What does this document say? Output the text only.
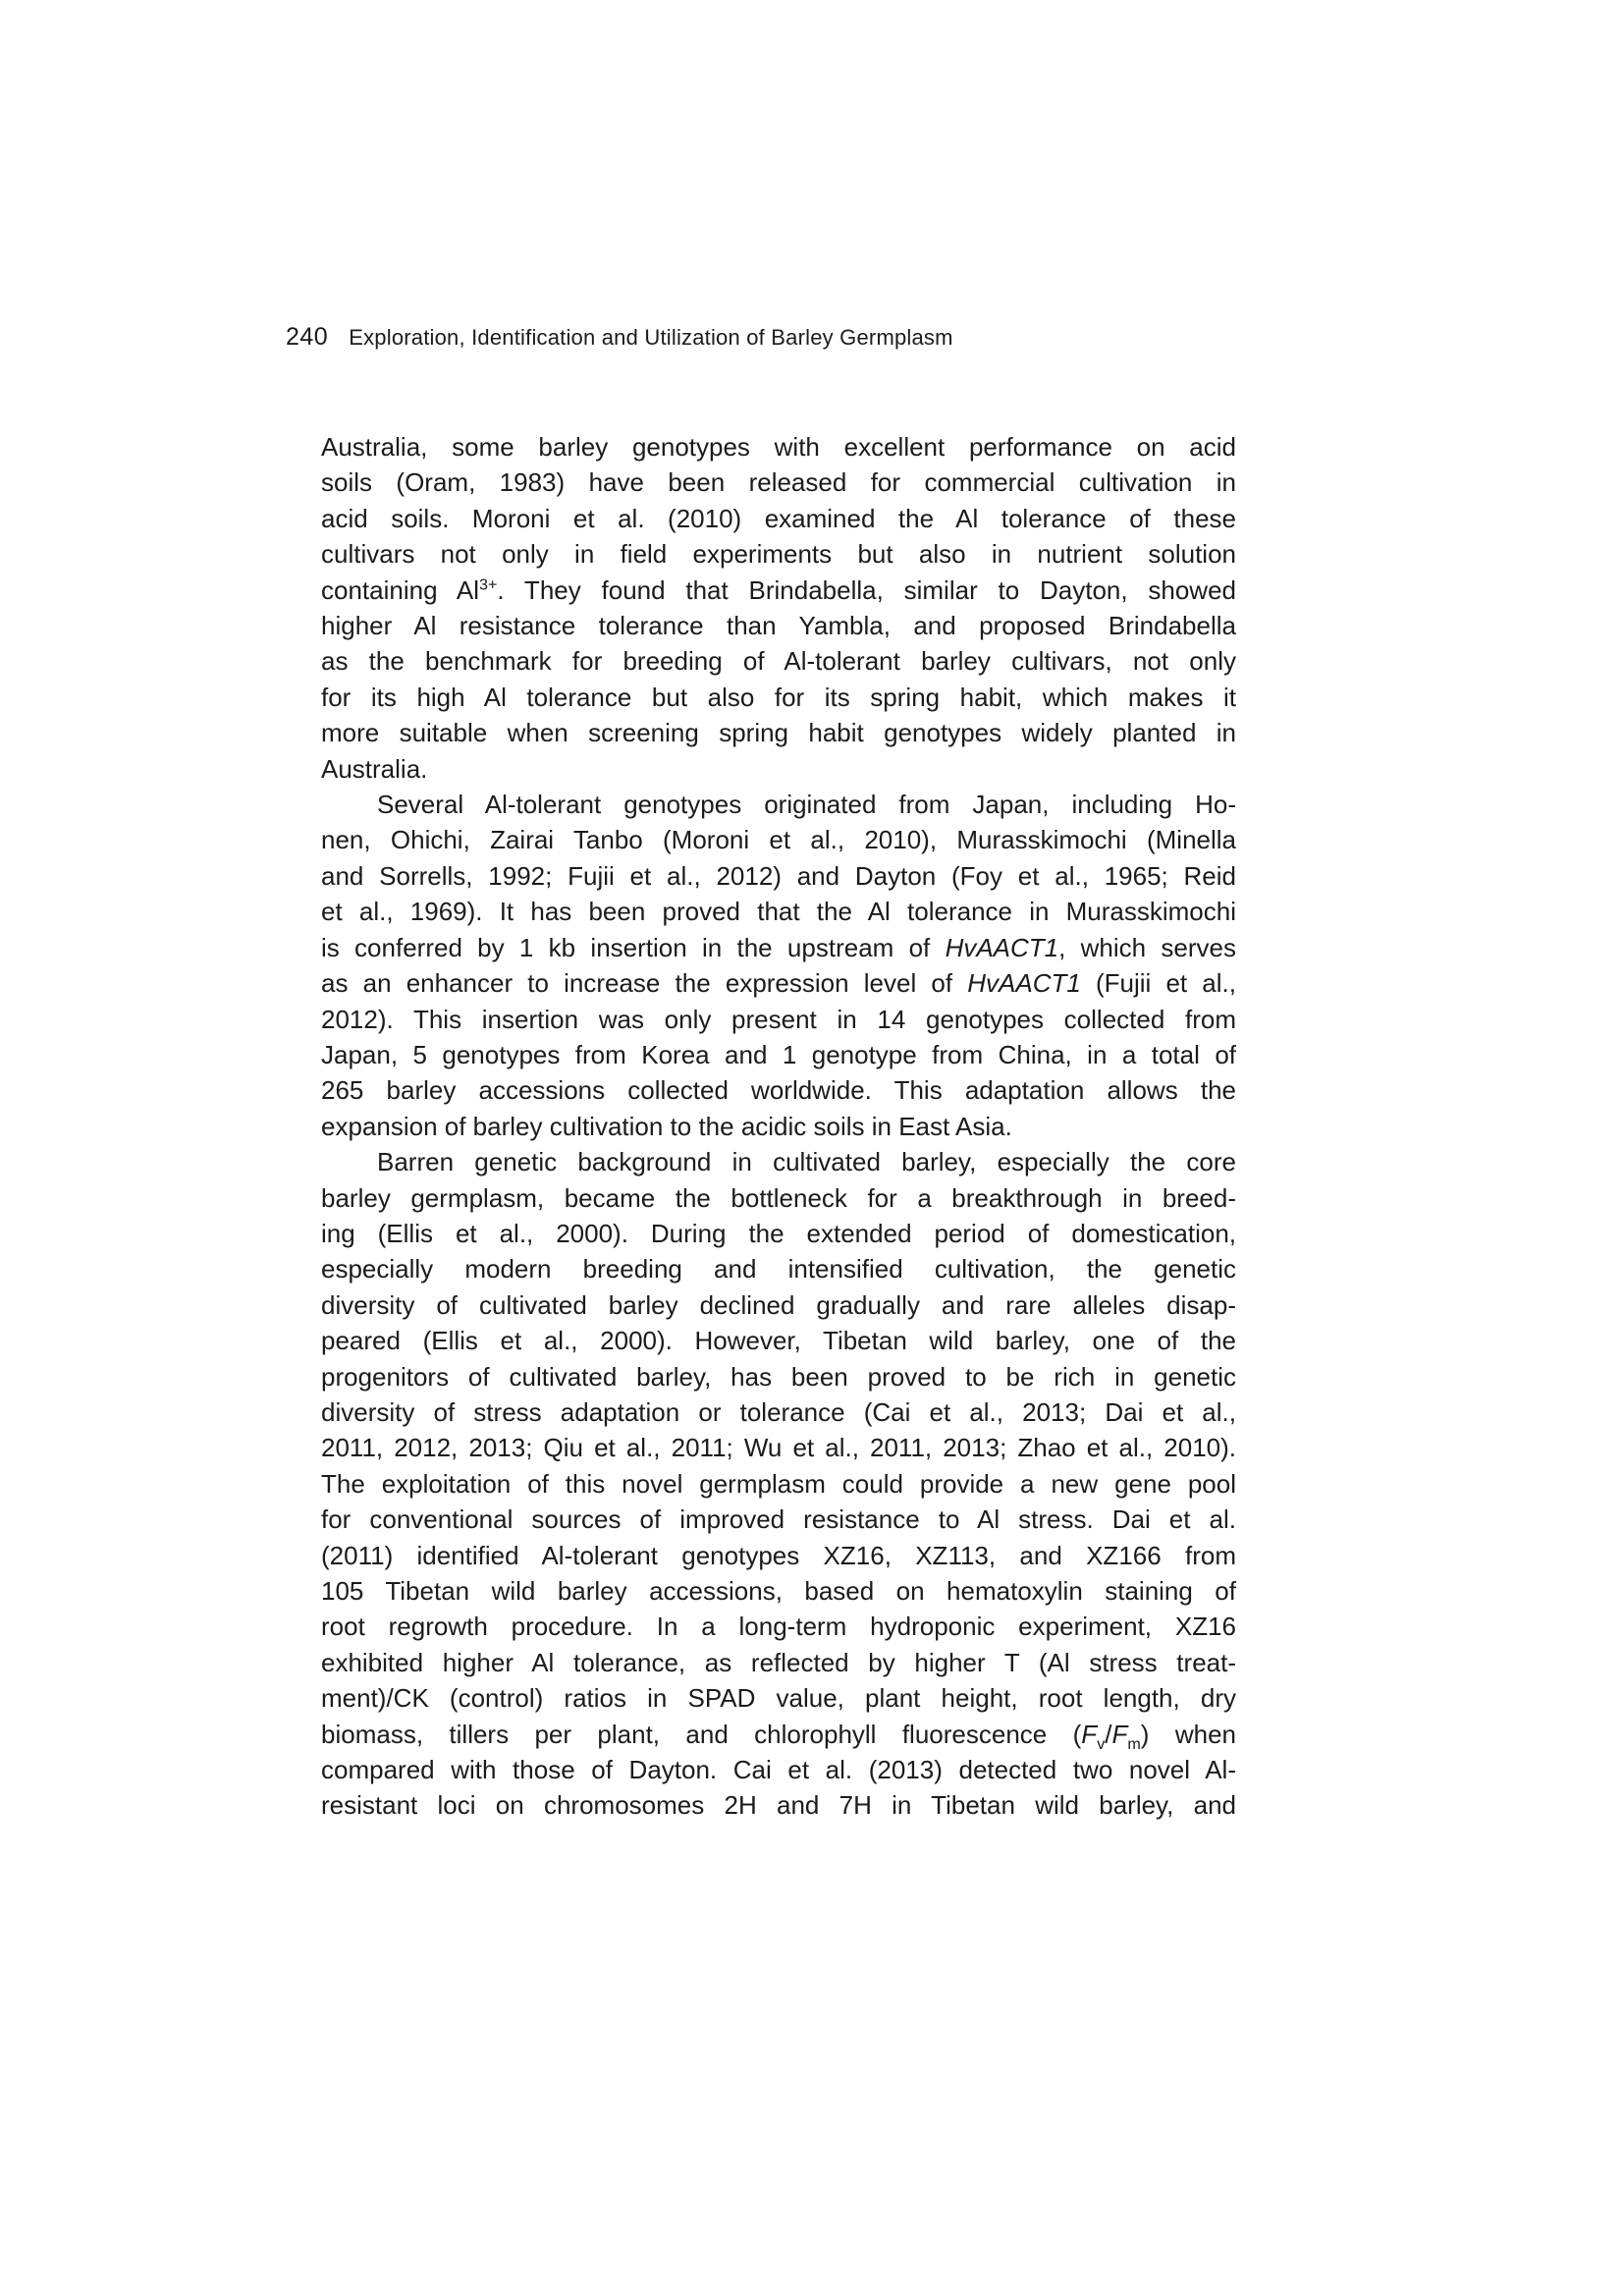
240 Exploration, Identification and Utilization of Barley Germplasm
Australia, some barley genotypes with excellent performance on acid
soils (Oram, 1983) have been released for commercial cultivation in
acid soils. Moroni et al. (2010) examined the Al tolerance of these
cultivars not only in field experiments but also in nutrient solution
containing $Al^{3+}$. They found that Brindabella, similar to Dayton, showed
higher Al resistance tolerance than Yambla, and proposed Brindabella
as the benchmark for breeding of Al-tolerant barley cultivars, not only
for its high Al tolerance but also for its spring habit, which makes it
more suitable when screening spring habit genotypes widely planted in
Australia.
Several Al-tolerant genotypes originated from Japan, including Ho-
nen, Ohichi, Zairai Tanbo (Moroni et al., 2010), Murasskimochi (Minella
and Sorrells, 1992; Fujii et al., 2012) and Dayton (Foy et al., 1965; Reid
et al., 1969). It has been proved that the Al tolerance in Murasskimochi
is conferred by 1 kb insertion in the upstream of HvAACT1, which serves
as an enhancer to increase the expression level of HvAACT1 (Fujii et al.,
2012). This insertion was only present in 14 genotypes collected from
Japan, 5 genotypes from Korea and 1 genotype from China, in a total of
265 barley accessions collected worldwide. This adaptation allows the
expansion of barley cultivation to the acidic soils in East Asia.
Barren genetic background in cultivated barley, especially the core
barley germplasm, became the bottleneck for a breakthrough in breed-
ing (Ellis et al., 2000). During the extended period of domestication,
especially modern breeding and intensified cultivation, the genetic
diversity of cultivated barley declined gradually and rare alleles disap-
peared (Ellis et al., 2000). However, Tibetan wild barley, one of the
progenitors of cultivated barley, has been proved to be rich in genetic
diversity of stress adaptation or tolerance (Cai et al., 2013; Dai et al.,
2011, 2012, 2013; Qiu et al., 2011; Wu et al., 2011, 2013; Zhao et al., 2010).
The exploitation of this novel germplasm could provide a new gene pool
for conventional sources of improved resistance to Al stress. Dai et al.
(2011) identified Al-tolerant genotypes XZ16, XZ113, and XZ166 from
105 Tibetan wild barley accessions, based on hematoxylin staining of
root regrowth procedure. In a long-term hydroponic experiment, XZ16
exhibited higher Al tolerance, as reflected by higher T (Al stress treat-
ment)/CK (control) ratios in SPAD value, plant height, root length, dry
biomass, tillers per plant, and chlorophyll fluorescence $(F_v/F_m)$ when
compared with those of Dayton. Cai et al. (2013) detected two novel Al-
resistant loci on chromosomes 2H and 7H in Tibetan wild barley, and
